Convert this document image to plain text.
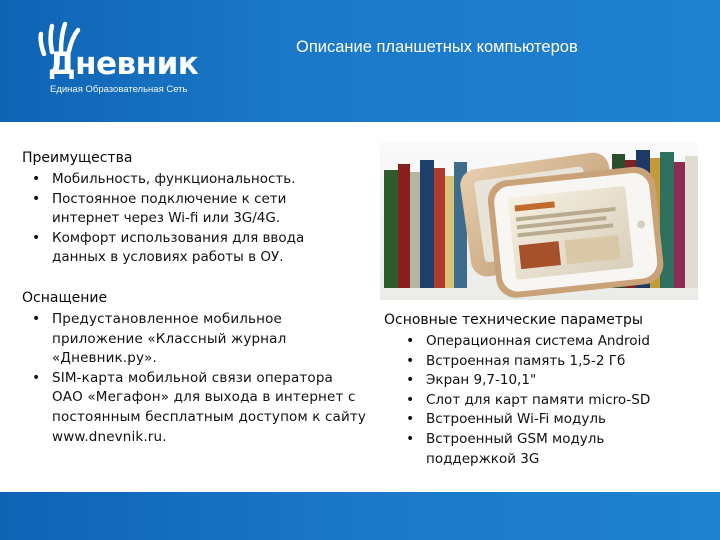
Дневник
Единая Образовательная Сеть
Описание планшетных компьютеров
Преимущества
• Мобильность, функциональность.
• Постоянное подключение к сети интернет через Wi-fi или 3G/4G.
• Комфорт использования для ввода данных в условиях работы в ОУ.
Оснащение
• Предустановленное мобильное приложение «Классный журнал «Дневник.ру».
• SIM-карта мобильной связи оператора ОАО «Мегафон» для выхода в интернет с постоянным бесплатным доступом к сайту www.dnevnik.ru.
Основные технические параметры
• Операционная система Android
• Встроенная память 1,5-2 Гб
• Экран 9,7-10,1"
• Слот для карт памяти micro-SD
• Встроенный Wi-Fi модуль
• Встроенный GSM модуль поддержкой 3G
